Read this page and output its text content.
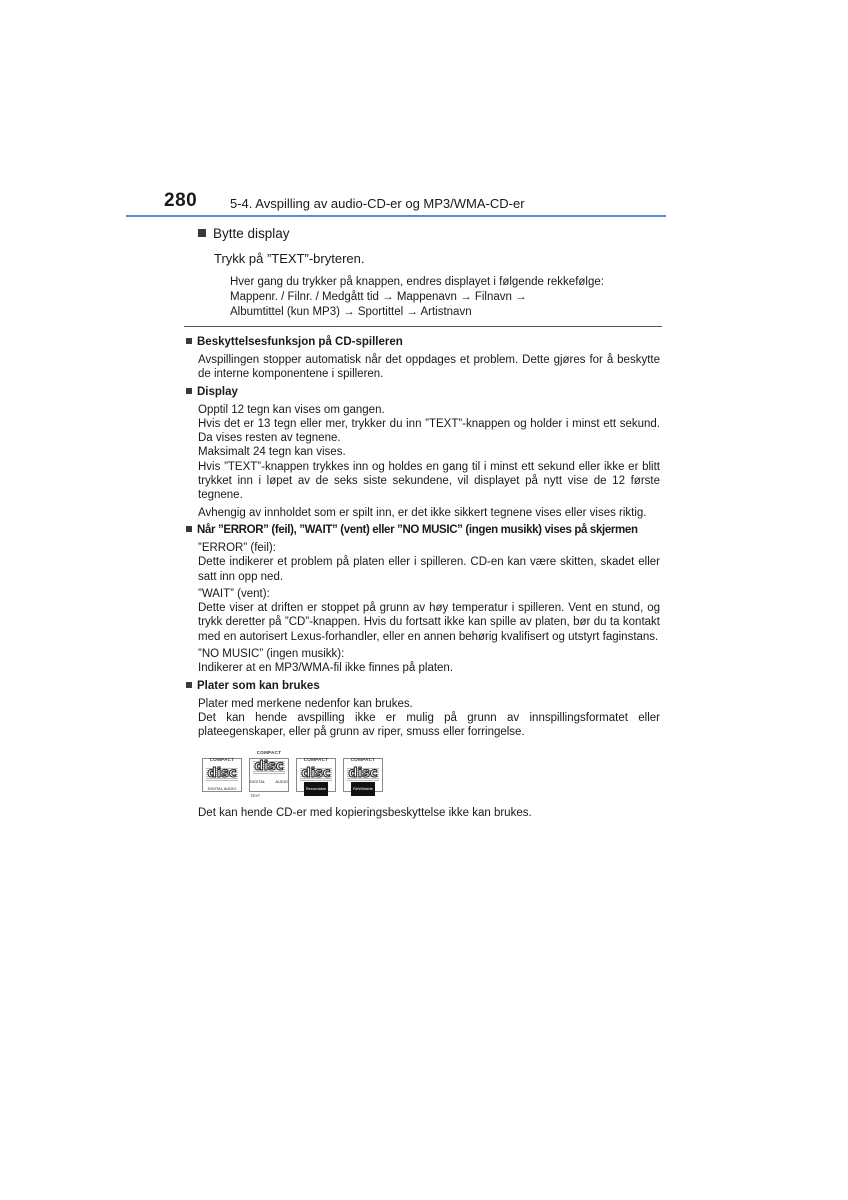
280	5-4. Avspilling av audio-CD-er og MP3/WMA-CD-er

Bytte display

Trykk på ”TEXT”-bryteren.

Hver gang du trykker på knappen, endres displayet i følgende rekkefølge:
Mappenr. / Filnr. / Medgått tid → Mappenavn → Filnavn →
Albumtittel (kun MP3) → Sportittel → Artistnavn

Beskyttelsesfunksjon på CD-spilleren

Avspillingen stopper automatisk når det oppdages et problem. Dette gjøres for å beskytte de interne komponentene i spilleren.

Display

Opptil 12 tegn kan vises om gangen.

Hvis det er 13 tegn eller mer, trykker du inn ”TEXT”-knappen og holder i minst ett sekund. Da vises resten av tegnene.

Maksimalt 24 tegn kan vises.

Hvis ”TEXT”-knappen trykkes inn og holdes en gang til i minst ett sekund eller ikke er blitt trykket inn i løpet av de seks siste sekundene, vil displayet på nytt vise de 12 første tegnene.

Avhengig av innholdet som er spilt inn, er det ikke sikkert tegnene vises eller vises riktig.

Når ”ERROR” (feil), ”WAIT” (vent) eller ”NO MUSIC” (ingen musikk) vises på skjermen

”ERROR” (feil):

Dette indikerer et problem på platen eller i spilleren. CD-en kan være skitten, skadet eller satt inn opp ned.

”WAIT” (vent):

Dette viser at driften er stoppet på grunn av høy temperatur i spilleren. Vent en stund, og trykk deretter på ”CD”-knappen. Hvis du fortsatt ikke kan spille av platen, bør du ta kontakt med en autorisert Lexus-forhandler, eller en annen behørig kvalifisert og utstyrt faginstans.

”NO MUSIC” (ingen musikk):

Indikerer at en MP3/WMA-fil ikke finnes på platen.

Plater som kan brukes

Plater med merkene nedenfor kan brukes.

Det kan hende avspilling ikke er mulig på grunn av innspillingsformatet eller plateegenskaper, eller på grunn av riper, smuss eller forringelse.

COMPACT
disc
DIGITAL AUDIO
COMPACT
disc
DIGITAL AUDIO TEXT
COMPACT
disc
Recordable
COMPACT
disc
ReWritable

Det kan hende CD-er med kopieringsbeskyttelse ikke kan brukes.
